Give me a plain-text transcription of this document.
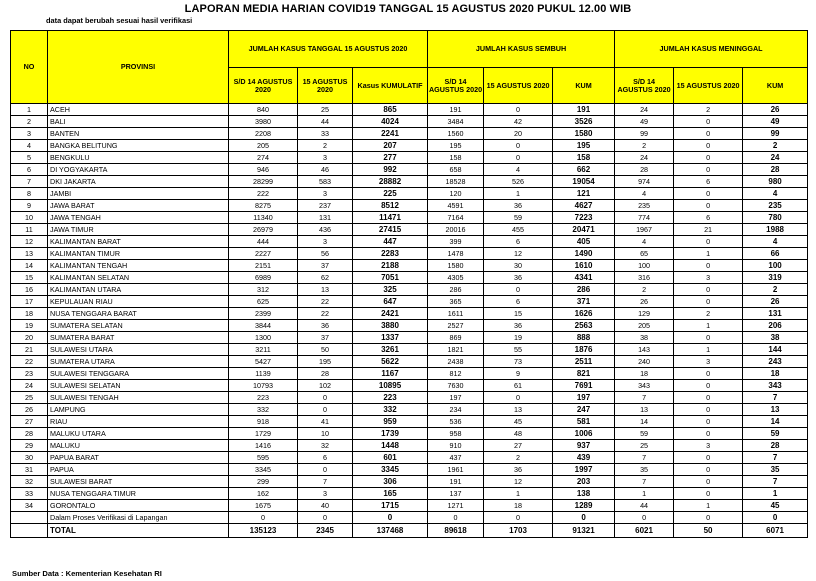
LAPORAN MEDIA HARIAN COVID19 TANGGAL 15 AGUSTUS 2020 PUKUL 12.00 WIB
data dapat berubah sesuai hasil verifikasi
NO	PROVINSI	JUMLAH KASUS TANGGAL 15 AGUSTUS 2020			JUMLAH KASUS SEMBUH			JUMLAH KASUS MENINGGAL		
		S/D 14 AGUSTUS 2020	15 AGUSTUS 2020	Kasus KUMULATIF	S/D 14 AGUSTUS 2020	15 AGUSTUS 2020	KUM	S/D 14 AGUSTUS 2020	15 AGUSTUS 2020	KUM
1	ACEH	840	25	865	191	0	191	24	2	26
2	BALI	3980	44	4024	3484	42	3526	49	0	49
3	BANTEN	2208	33	2241	1560	20	1580	99	0	99
4	BANGKA BELITUNG	205	2	207	195	0	195	2	0	2
5	BENGKULU	274	3	277	158	0	158	24	0	24
6	DI YOGYAKARTA	946	46	992	658	4	662	28	0	28
7	DKI JAKARTA	28299	583	28882	18528	526	19054	974	6	980
8	JAMBI	222	3	225	120	1	121	4	0	4
9	JAWA BARAT	8275	237	8512	4591	36	4627	235	0	235
10	JAWA TENGAH	11340	131	11471	7164	59	7223	774	6	780
11	JAWA TIMUR	26979	436	27415	20016	455	20471	1967	21	1988
12	KALIMANTAN BARAT	444	3	447	399	6	405	4	0	4
13	KALIMANTAN TIMUR	2227	56	2283	1478	12	1490	65	1	66
14	KALIMANTAN TENGAH	2151	37	2188	1580	30	1610	100	0	100
15	KALIMANTAN SELATAN	6989	62	7051	4305	36	4341	316	3	319
16	KALIMANTAN UTARA	312	13	325	286	0	286	2	0	2
17	KEPULAUAN RIAU	625	22	647	365	6	371	26	0	26
18	NUSA TENGGARA BARAT	2399	22	2421	1611	15	1626	129	2	131
19	SUMATERA SELATAN	3844	36	3880	2527	36	2563	205	1	206
20	SUMATERA BARAT	1300	37	1337	869	19	888	38	0	38
21	SULAWESI UTARA	3211	50	3261	1821	55	1876	143	1	144
22	SUMATERA UTARA	5427	195	5622	2438	73	2511	240	3	243
23	SULAWESI TENGGARA	1139	28	1167	812	9	821	18	0	18
24	SULAWESI SELATAN	10793	102	10895	7630	61	7691	343	0	343
25	SULAWESI TENGAH	223	0	223	197	0	197	7	0	7
26	LAMPUNG	332	0	332	234	13	247	13	0	13
27	RIAU	918	41	959	536	45	581	14	0	14
28	MALUKU UTARA	1729	10	1739	958	48	1006	59	0	59
29	MALUKU	1416	32	1448	910	27	937	25	3	28
30	PAPUA BARAT	595	6	601	437	2	439	7	0	7
31	PAPUA	3345	0	3345	1961	36	1997	35	0	35
32	SULAWESI BARAT	299	7	306	191	12	203	7	0	7
33	NUSA TENGGARA TIMUR	162	3	165	137	1	138	1	0	1
34	GORONTALO	1675	40	1715	1271	18	1289	44	1	45
	Dalam Proses Verifikasi di Lapangan	0	0	0	0	0	0	0	0	0
	TOTAL	135123	2345	137468	89618	1703	91321	6021	50	6071
Sumber Data : Kementerian Kesehatan RI
